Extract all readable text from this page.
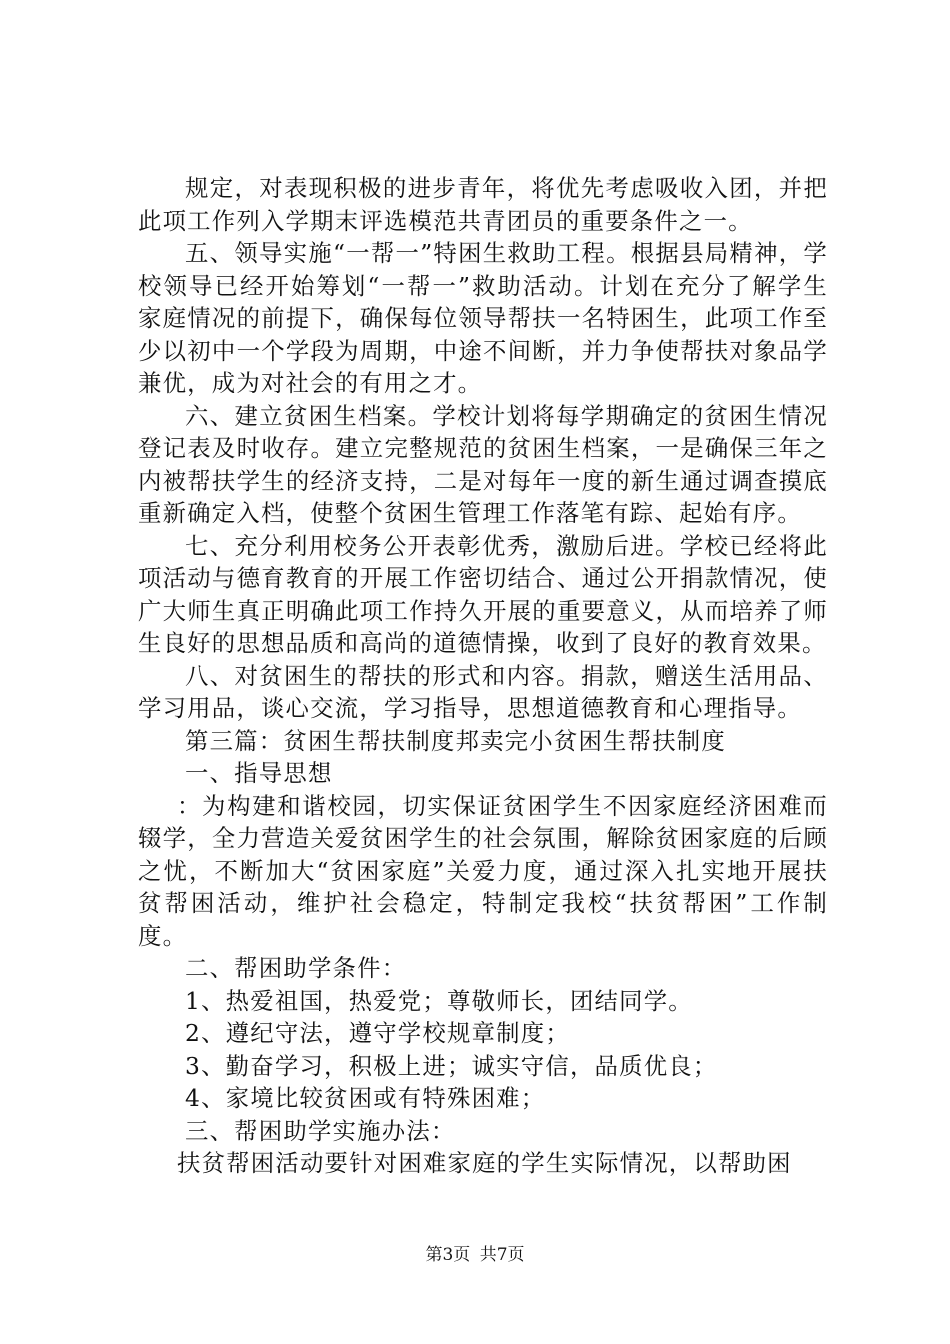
规定，对表现积极的进步青年，将优先考虑吸收入团，并把此项工作列入学期末评选模范共青团员的重要条件之一。

五、领导实施“一帮一”特困生救助工程。根据县局精神，学校领导已经开始筹划“一帮一”救助活动。计划在充分了解学生家庭情况的前提下，确保每位领导帮扶一名特困生，此项工作至少以初中一个学段为周期，中途不间断，并力争使帮扶对象品学兼优，成为对社会的有用之才。

六、建立贫困生档案。学校计划将每学期确定的贫困生情况登记表及时收存。建立完整规范的贫困生档案，一是确保三年之内被帮扶学生的经济支持，二是对每年一度的新生通过调查摸底重新确定入档，使整个贫困生管理工作落笔有踪、起始有序。

七、充分利用校务公开表彰优秀，激励后进。学校已经将此项活动与德育教育的开展工作密切结合、通过公开捐款情况，使广大师生真正明确此项工作持久开展的重要意义，从而培养了师生良好的思想品质和高尚的道德情操，收到了良好的教育效果。

八、对贫困生的帮扶的形式和内容。捐款，赠送生活用品、学习用品，谈心交流，学习指导，思想道德教育和心理指导。

第三篇：贫困生帮扶制度邦卖完小贫困生帮扶制度

一、指导思想

：为构建和谐校园，切实保证贫困学生不因家庭经济困难而辍学，全力营造关爱贫困学生的社会氛围，解除贫困家庭的后顾之忧，不断加大“贫困家庭”关爱力度，通过深入扎实地开展扶贫帮困活动，维护社会稳定，特制定我校“扶贫帮困”工作制度。

二、帮困助学条件：

1、热爱祖国，热爱党；尊敬师长，团结同学。

2、遵纪守法，遵守学校规章制度；

3、勤奋学习，积极上进；诚实守信，品质优良；

4、家境比较贫困或有特殊困难；

三、帮困助学实施办法：

扶贫帮困活动要针对困难家庭的学生实际情况，以帮助困

第3页 共7页
